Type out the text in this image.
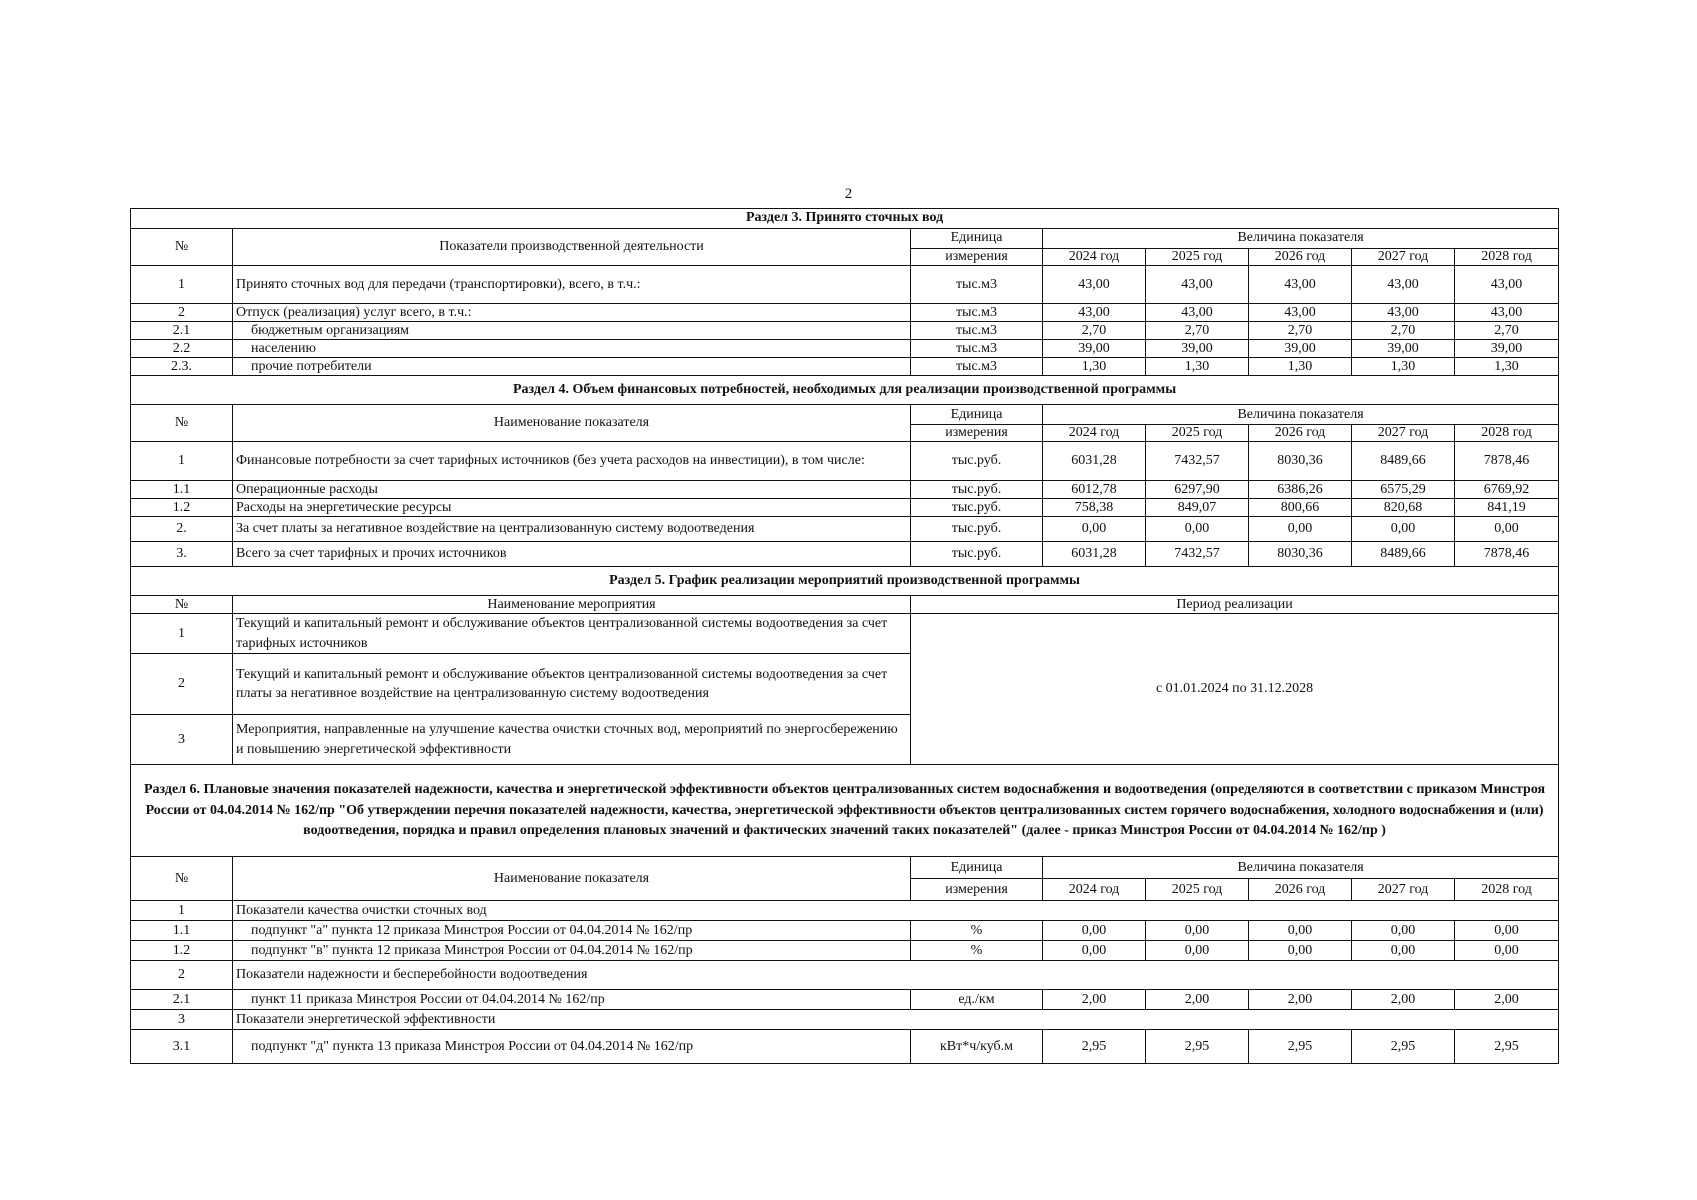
2
Раздел 3. Принято сточных вод							
№	Показатели производственной деятельности	Единица	Величина показателя				
		измерения	2024 год	2025 год	2026 год	2027 год	2028 год
1	Принято сточных вод для передачи (транспортировки), всего, в т.ч.:	тыс.м3	43,00	43,00	43,00	43,00	43,00
2	Отпуск (реализация) услуг всего, в т.ч.:	тыс.м3	43,00	43,00	43,00	43,00	43,00
2.1	бюджетным организациям	тыс.м3	2,70	2,70	2,70	2,70	2,70
2.2	населению	тыс.м3	39,00	39,00	39,00	39,00	39,00
2.3.	прочие потребители	тыс.м3	1,30	1,30	1,30	1,30	1,30
Раздел 4. Объем финансовых потребностей, необходимых для реализации производственной программы							
№	Наименование показателя	Единица	Величина показателя				
		измерения	2024 год	2025 год	2026 год	2027 год	2028 год
1	Финансовые потребности за счет тарифных источников (без учета расходов на инвестиции), в том числе:	тыс.руб.	6031,28	7432,57	8030,36	8489,66	7878,46
1.1	Операционные расходы	тыс.руб.	6012,78	6297,90	6386,26	6575,29	6769,92
1.2	Расходы на энергетические ресурсы	тыс.руб.	758,38	849,07	800,66	820,68	841,19
2.	За счет платы за негативное воздействие на централизованную систему водоотведения	тыс.руб.	0,00	0,00	0,00	0,00	0,00
3.	Всего за счет тарифных и прочих источников	тыс.руб.	6031,28	7432,57	8030,36	8489,66	7878,46
Раздел 5. График реализации мероприятий производственной программы							
№	Наименование мероприятия	Период реализации					
1	Текущий и капитальный ремонт и обслуживание объектов централизованной системы водоотведения за счет тарифных источников	с 01.01.2024 по 31.12.2028					
2	Текущий и капитальный ремонт и обслуживание объектов централизованной системы водоотведения за счет платы за негативное воздействие на централизованную систему водоотведения						
3	Мероприятия, направленные на улучшение качества очистки сточных вод, мероприятий по энергосбережению и повышению энергетической эффективности						
Раздел 6. Плановые значения показателей надежности, качества и энергетической эффективности объектов централизованных систем водоснабжения и водоотведения (определяются в соответствии с приказом Минстроя России от 04.04.2014 № 162/пр "Об утверждении перечня показателей надежности, качества, энергетической эффективности объектов централизованных систем горячего водоснабжения, холодного водоснабжения и (или) водоотведения, порядка и правил определения плановых значений и фактических значений таких показателей" (далее - приказ Минстроя России от 04.04.2014 № 162/пр )							
№	Наименование показателя	Единица	Величина показателя				
		измерения	2024 год	2025 год	2026 год	2027 год	2028 год
1	Показатели качества очистки сточных вод						
1.1	подпункт "а" пункта 12 приказа Минстроя России от 04.04.2014 № 162/пр	%	0,00	0,00	0,00	0,00	0,00
1.2	подпункт "в" пункта 12 приказа Минстроя России от 04.04.2014 № 162/пр	%	0,00	0,00	0,00	0,00	0,00
2	Показатели надежности и бесперебойности водоотведения						
2.1	пункт 11 приказа Минстроя России от 04.04.2014 № 162/пр	ед./км	2,00	2,00	2,00	2,00	2,00
3	Показатели энергетической эффективности						
3.1	подпункт "д" пункта 13 приказа Минстроя России от 04.04.2014 № 162/пр	кВт*ч/куб.м	2,95	2,95	2,95	2,95	2,95
